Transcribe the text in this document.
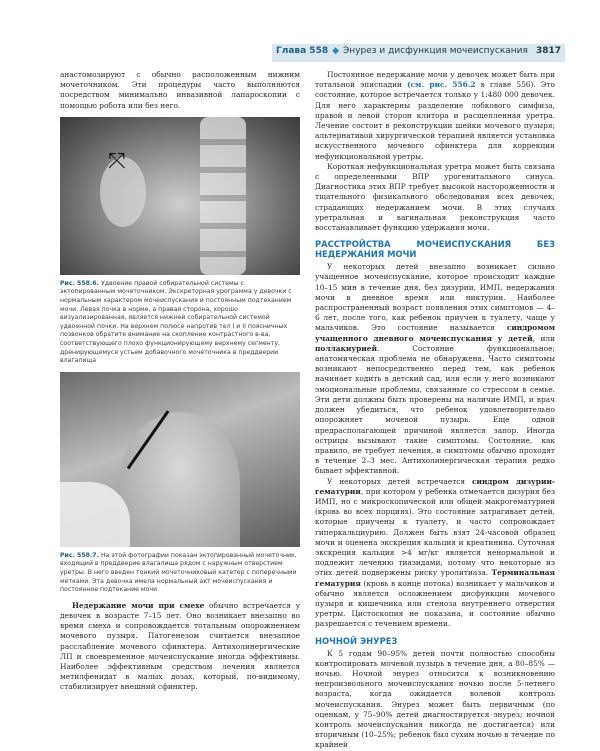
Глава 558 ◆ Энурез и дисфункция мочеиспускания 3817

анастомозируют с обычно расположенным нижним мочеточником. Эти процедуры часто выполняются посредством минимально инвазивной лапароскопии с помощью робота или без него.

⤧
Рис. 558.6. Удвоение правой собирательной системы с эктопированным мочеточником. Экскреторная урограмма у девочки с нормальным характером мочеиспускания и постоянным подтеканием мочи. Левая почка в норме, а правая сторона, хорошо визуализированная, является нижней собирательной системой удвоенной почки. На верхнем полюсе напротив тел I и II поясничных позвонков обратите внимание на скопление контрастного в-ва, соответствующего плохо функционирующему верхнему сегменту, дренирующемуся устьем добавочного мочеточника в преддверии влагалища
Рис. 558.7. На этой фотографии показан эктопированный мочеточник, входящий в преддверие влагалища рядом с наружным отверстием уретры. В него введен тонкий мочеточниковый катетер с поперечными метками. Эта девочка имела нормальный акт мочеиспускания и постоянное подтекание мочи

Недержание мочи при смехе обычно встречается у девочек в возрасте 7–15 лет. Оно возникает внезапно во время смеха и сопровождается тотальным опорожнением мочевого пузыря. Патогенезом считается внезапное расслабление мочевого сфинктера. Антихолинергические ЛП и своевременное мочеиспускание иногда эффективны. Наиболее эффективным средством лечения является метилфенидат в малых дозах, который, по-видимому, стабилизирует внешний сфинктер.

Постоянное недержание мочи у девочек может быть при тотальной эписпадии (см. рис. 556.2 в главе 556). Это состояние, которое встречается только у 1:480 000 девочек. Для него характерны разделение лобкового симфиза, правой и левой сторон клитора и расщепленная уретра. Лечение состоит в реконструкции шейки мочевого пузыря; альтернативой хирургической терапией является установка искусственного мочевого сфинктера для коррекции нефункциональной уретры.

Короткая нефункциональная уретра может быть связана с определенными ВПР урогенитального синуса. Диагностика этих ВПР требует высокой настороженности и тщательного физикального обследования всех девочек, страдающих недержанием мочи. В этих случаях уретральная и вагинальная реконструкция часто восстанавливает функцию удержания мочи.

РАССТРОЙСТВА МОЧЕИСПУСКАНИЯ БЕЗ НЕДЕРЖАНИЯ МОЧИ

У некоторых детей внезапно возникает сильно учащенное мочеиспускание, которое происходит каждые 10–15 мин в течение дня, без дизурии, ИМП, недержания мочи в дневное время или никтурии. Наиболее распространенный возраст появления этих симптомов — 4–6 лет, после того, как ребенок приучен к туалету, чаще у мальчиков. Это состояние называется синдромом учащенного дневного мочеиспускания у детей, или поллакиурией. Состояние функциональное; анатомическая проблема не обнаружена. Часто симптомы возникают непосредственно перед тем, как ребенок начинает ходить в детский сад, или если у него возникают эмоциональные проблемы, связанные со стрессом в семье. Эти дети должны быть проверены на наличие ИМП, и врач должен убедиться, что ребенок удовлетворительно опорожняет мочевой пузырь. Еще одной предрасполагающей причиной является запор. Иногда острицы вызывают такие симптомы. Состояние, как правило, не требует лечения, и симптомы обычно проходят в течение 2–3 мес. Антихолинергическая терапия редко бывает эффективной.

У некоторых детей встречается синдром дизурии-гематурии, при котором у ребенка отмечается дизурия без ИМП, но с микроскопической или общей макрогематурией (кровь во всех порциях). Это состояние затрагивает детей, которые приучены к туалету, и часто сопровождает гиперкальциурию. Должен быть взят 24-часовой образец мочи и оценена экскреция кальция и креатинина. Суточная экскреция кальция >4 мг/кг является ненормальной и подлежит лечению тиазидами, потому что некоторые из этих детей подвержены риску уролитиаза. Терминальная гематурия (кровь в конце потока) возникает у мальчиков и обычно является осложнением дисфункции мочевого пузыря и кишечника или стеноза внутреннего отверстия уретры. Цистоскопия не показана, и состояние обычно разрешается с течением времени.

НОЧНОЙ ЭНУРЕЗ

К 5 годам 90–95% детей почти полностью способны контролировать мочевой пузырь в течение дня, а 80–85% — ночью. Ночной энурез относится к возникновению непроизвольного мочеиспускания ночью после 5-летнего возраста, когда ожидается волевой контроль мочеиспускания. Энурез может быть первичным (по оценкам, у 75–90% детей диагностируется энурез; ночной контроль мочеиспускания никогда не достигается) или вторичным (10–25%; ребенок был сухим ночью в течение по крайней
